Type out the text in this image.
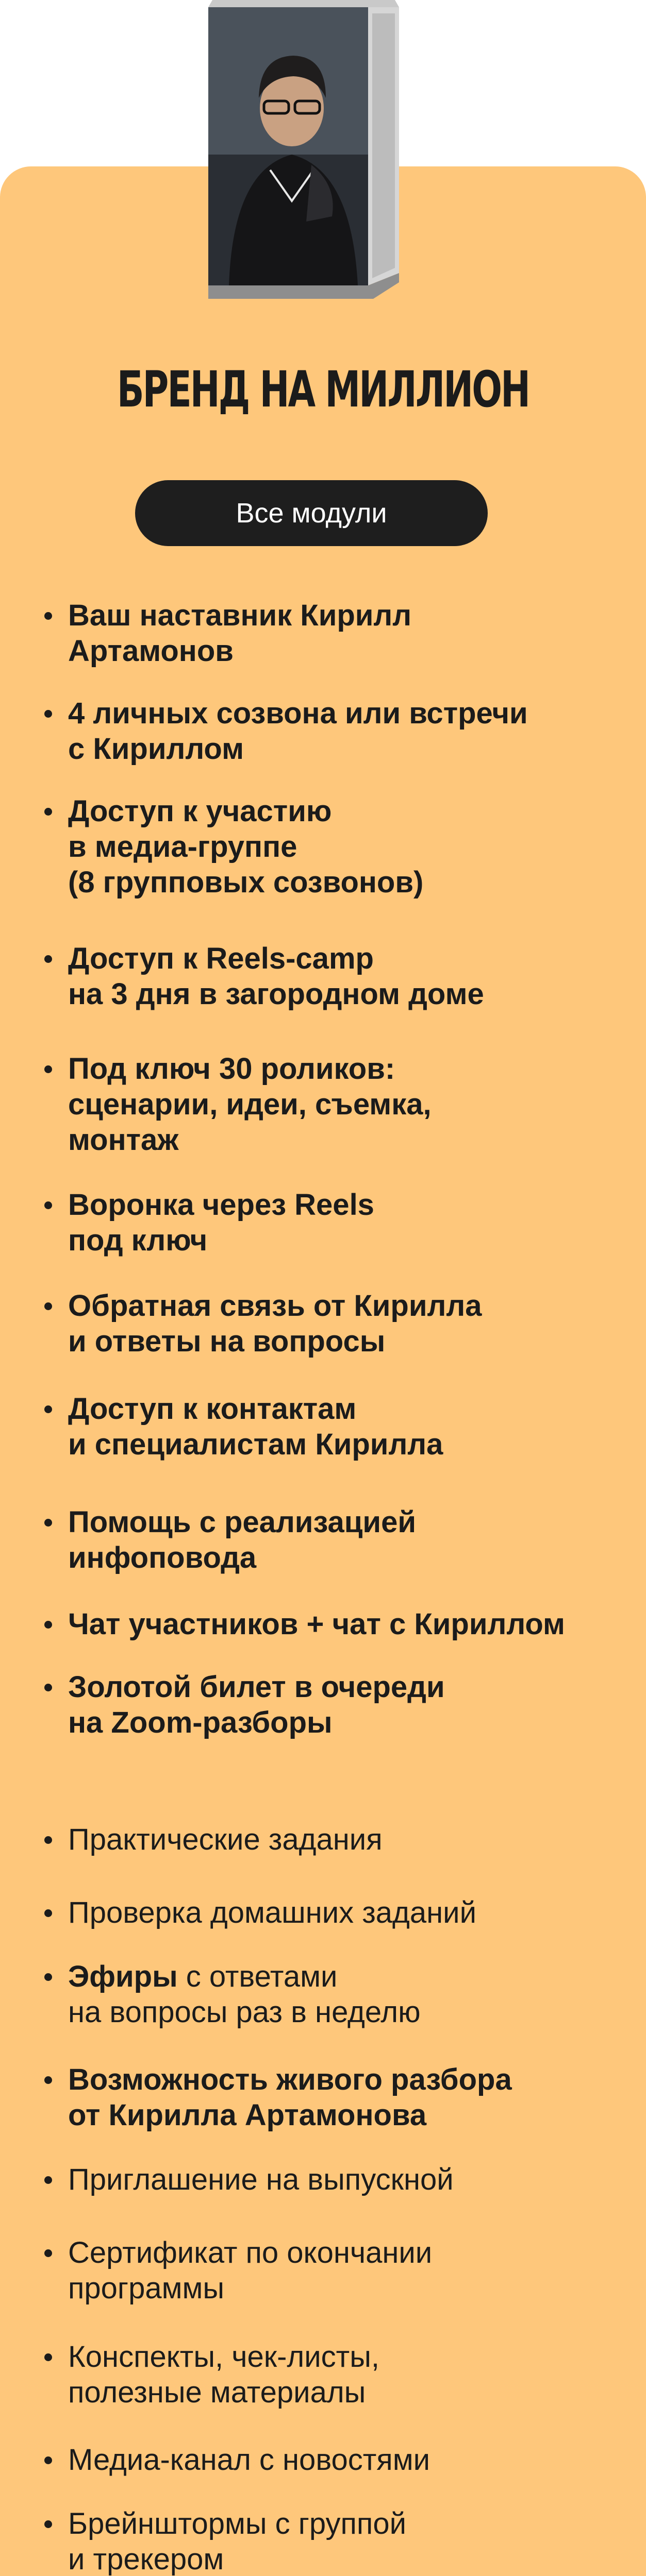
БРЕНД НА МИЛЛИОН
Все модули
Ваш наставник Кирилл
Артамонов
4 личных созвона или встречи
с Кириллом
Доступ к участию
в медиа-группе
(8 групповых созвонов)
Доступ к Reels-camp
на 3 дня в загородном доме
Под ключ 30 роликов:
сценарии, идеи, съемка,
монтаж
Воронка через Reels
под ключ
Обратная связь от Кирилла
и ответы на вопросы
Доступ к контактам
и специалистам Кирилла
Помощь с реализацией
инфоповода
Чат участников + чат с Кириллом
Золотой билет в очереди
на Zoom-разборы
Практические задания
Проверка домашних заданий
Эфиры с ответами
на вопросы раз в неделю
Возможность живого разбора
от Кирилла Артамонова
Приглашение на выпускной
Сертификат по окончании
программы
Конспекты, чек-листы,
полезные материалы
Медиа-канал с новостями
Брейнштормы с группой
и трекером
